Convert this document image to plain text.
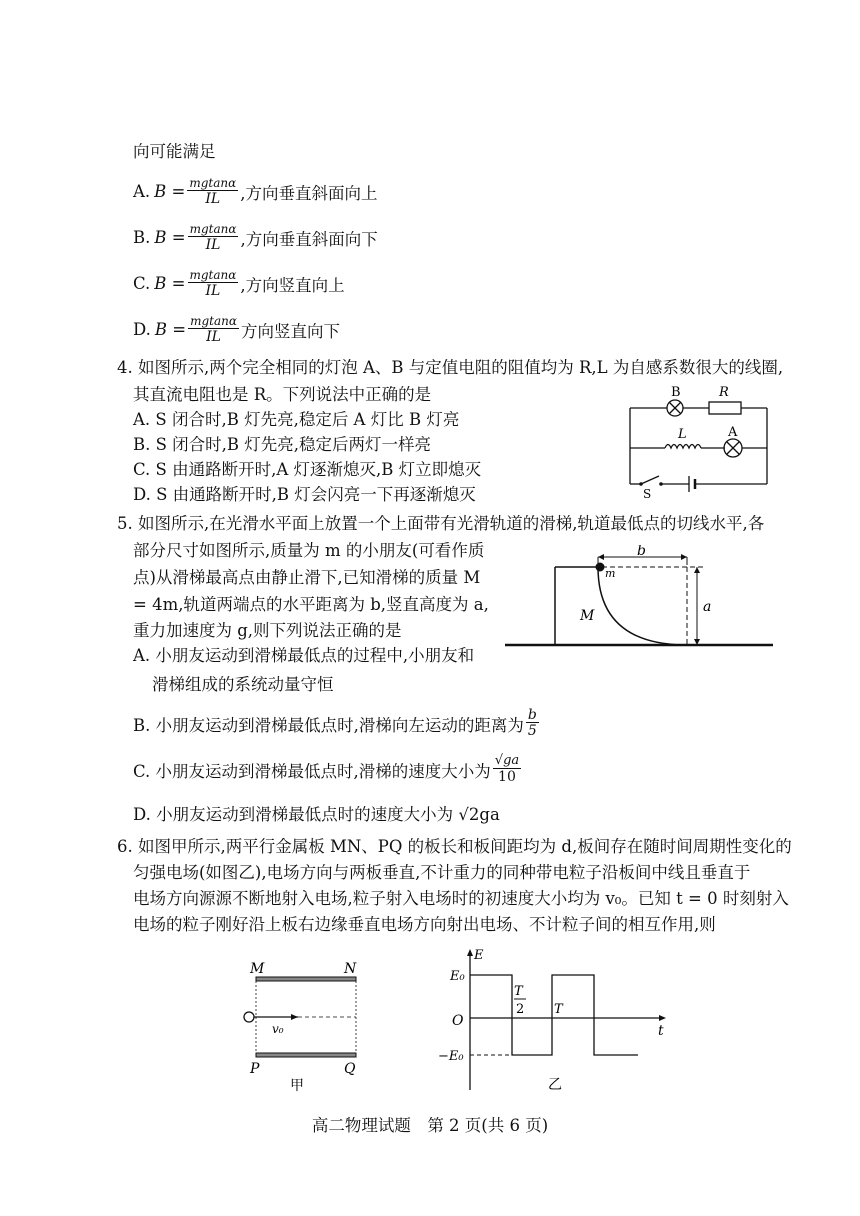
向可能满足
A. $B = \frac{mgtan\alpha}{IL}$ ,方向垂直斜面向上
B. $B = \frac{mgtan\alpha}{IL}$ ,方向垂直斜面向下
C. $B = \frac{mgtan\alpha}{IL}$ ,方向竖直向上
D. $B = \frac{mgtan\alpha}{IL}$ 方向竖直向下
4. 如图所示,两个完全相同的灯泡 A、B 与定值电阻的阻值均为 R,L 为自感系数很大的线圈,
其直流电阻也是 R。下列说法中正确的是
A. S 闭合时,B 灯先亮,稳定后 A 灯比 B 灯亮
B. S 闭合时,B 灯先亮,稳定后两灯一样亮
C. S 由通路断开时,A 灯逐渐熄灭,B 灯立即熄灭
D. S 由通路断开时,B 灯会闪亮一下再逐渐熄灭
B	R
L	A
S
5. 如图所示,在光滑水平面上放置一个上面带有光滑轨道的滑梯,轨道最低点的切线水平,各
部分尺寸如图所示,质量为 m 的小朋友(可看作质
点)从滑梯最高点由静止滑下,已知滑梯的质量 M
= 4m,轨道两端点的水平距离为 b,竖直高度为 a,
重力加速度为 g,则下列说法正确的是
A. 小朋友运动到滑梯最低点的过程中,小朋友和
滑梯组成的系统动量守恒
B. 小朋友运动到滑梯最低点时,滑梯向左运动的距离为 $\frac{b}{5}$
C. 小朋友运动到滑梯最低点时,滑梯的速度大小为 $\frac{√ga}{10}$
D. 小朋友运动到滑梯最低点时的速度大小为 √2ga
b
a
m
M
6. 如图甲所示,两平行金属板 MN、PQ 的板长和板间距均为 d,板间存在随时间周期性变化的
匀强电场(如图乙),电场方向与两板垂直,不计重力的同种带电粒子沿板间中线且垂直于
电场方向源源不断地射入电场,粒子射入电场时的初速度大小均为 v₀。已知 t = 0 时刻射入
电场的粒子刚好沿上板右边缘垂直电场方向射出电场、不计粒子间的相互作用,则
M	N
P	Q
v₀
甲
E
t
O
E₀
−E₀
T
2 T
乙
高二物理试题　第 2 页(共 6 页)
